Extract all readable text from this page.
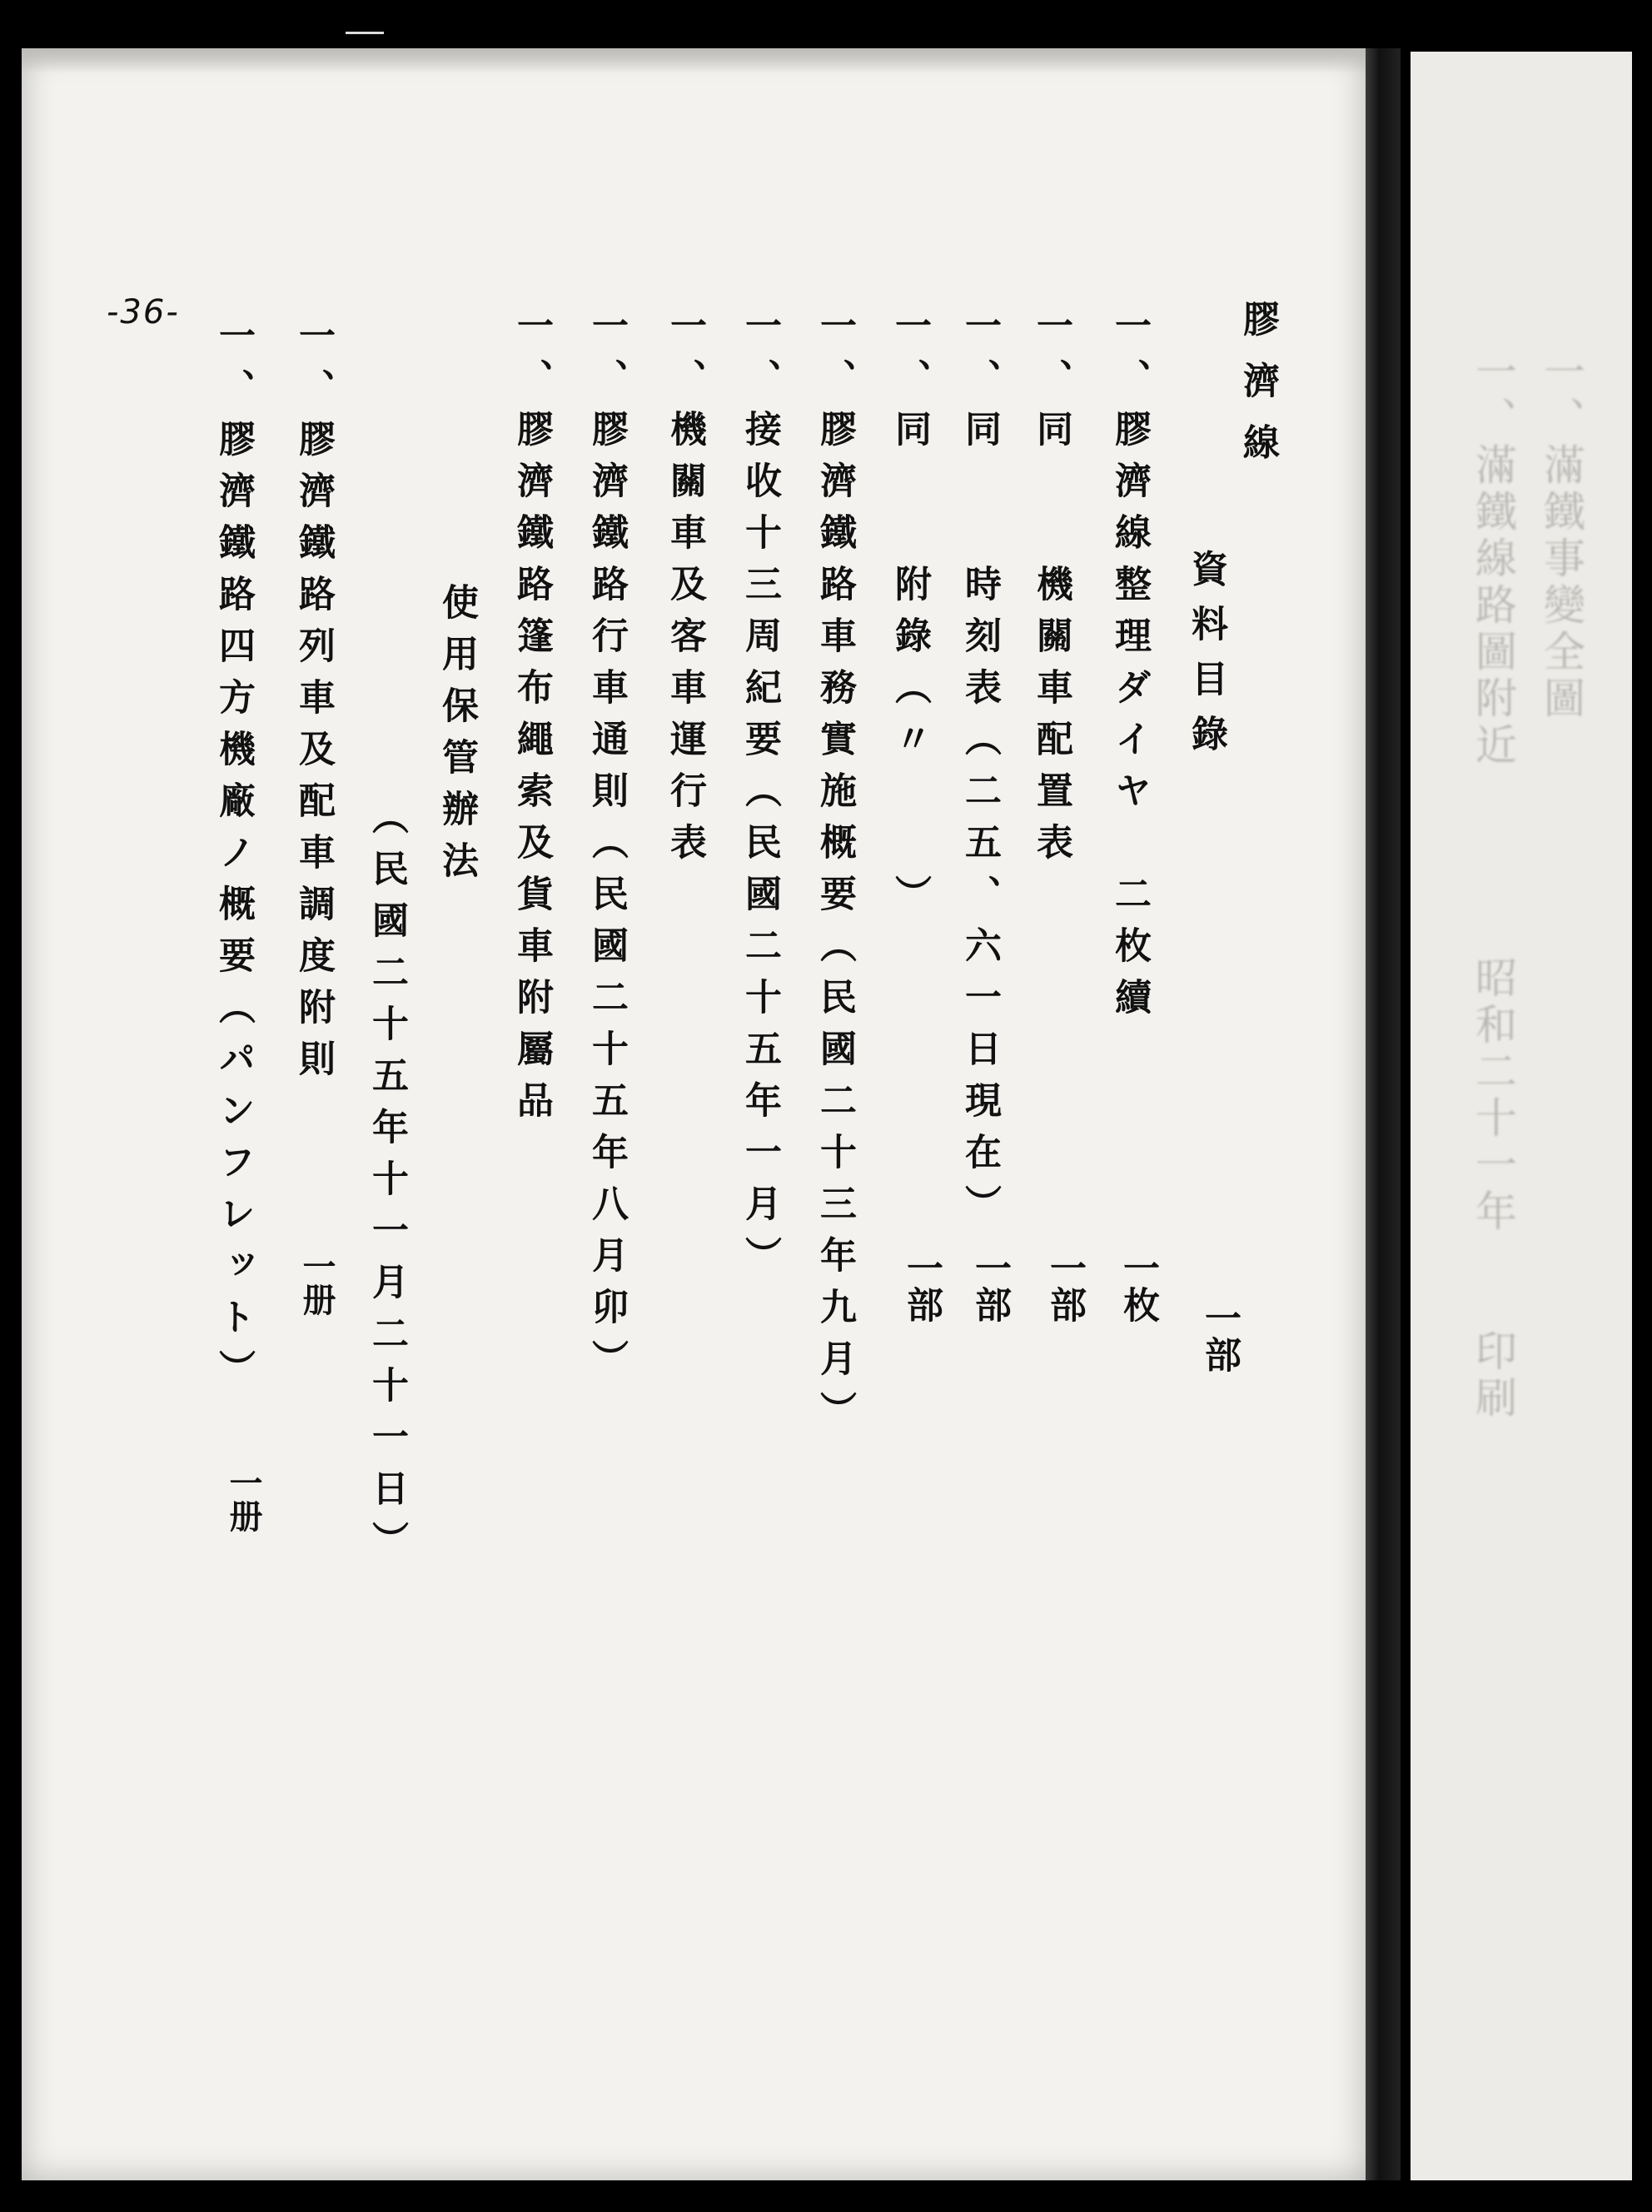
-36-	膠濟線
一部
資料目錄
一、膠濟線整理ダイヤ　二枚續
一枚
一、同　　機關車配置表
一部
一、同　　時刻表（二五、六一日現在）
一部
一、同　　附錄（〃　　）
一部
一、膠濟鐵路車務實施概要（民國二十三年九月）
一、接收十三周紀要（民國二十五年一月）
一、機關車及客車運行表
一、膠濟鐵路行車通則（民國二十五年八月卯）
一、膠濟鐵路篷布繩索及貨車附屬品
使用保管辦法
（民國二十五年十一月二十一日）
一、膠濟鐵路列車及配車調度附則
一册
一、膠濟鐵路四方機廠ノ概要（パンフレット）
一册
一、滿鐵事變全圖
一、滿鐵線路圖附近　　　　昭和二十一年　　印刷
